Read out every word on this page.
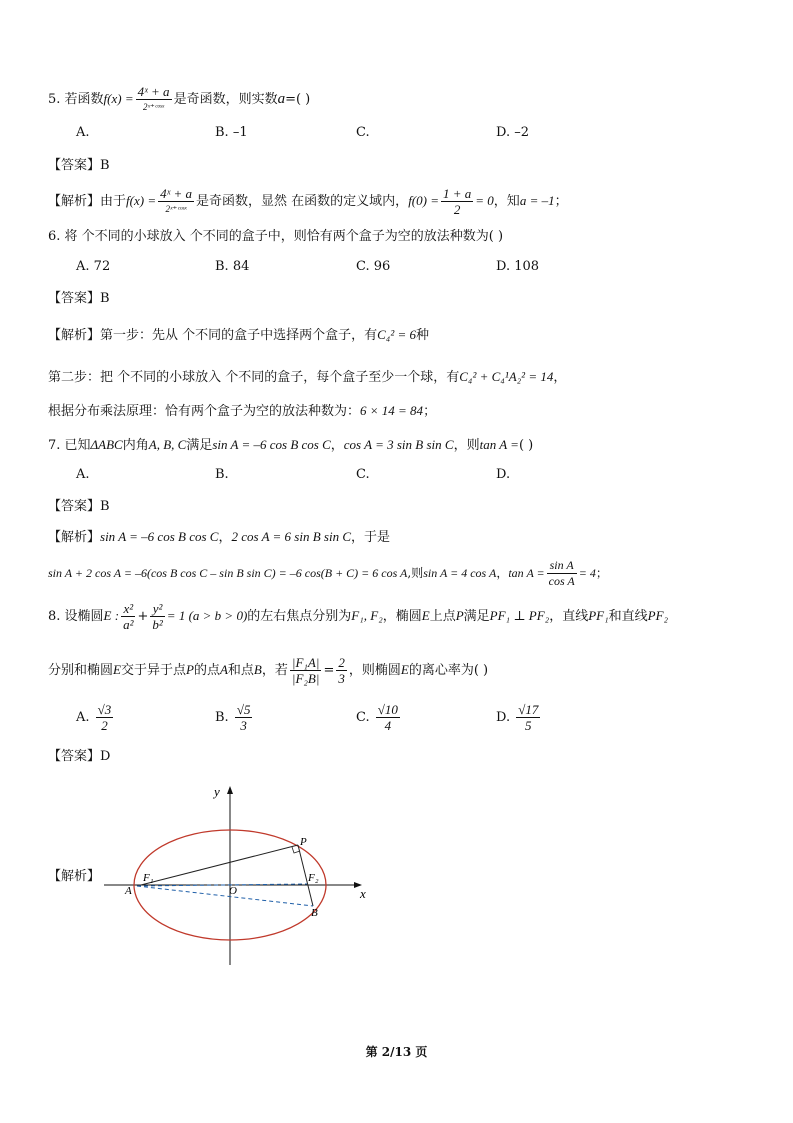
5. 若函数$f(x) = \frac{\text{4ˣ + a}}{\text{2ˣ⁺ᶜᵒˢˣ}}$ 是奇函数，则实数a=( )
A.	B. –1	C.	D. –2
【答案】B
【解析】由于$f(x) = \frac{\text{4ˣ + a}}{\text{2ˣ⁺ᶜᵒˢˣ}}$ 是奇函数，显然 在函数的定义域内，$f(0) = \frac{1 + a}{2} = 0$，知a = –1；
6. 将 个不同的小球放入 个不同的盒子中，则恰有两个盒子为空的放法种数为( )
A. 72	B. 84	C. 96	D. 108
【答案】B
【解析】第一步：先从 个不同的盒子中选择两个盒子，有C₄² = 6种
第二步：把 个不同的小球放入 个不同的盒子，每个盒子至少一个球，有C₄² + C₄¹A₂² = 14，
根据分布乘法原理：恰有两个盒子为空的放法种数为：6 × 14 = 84；
7. 已知ΔABC内角A, B, C满足sin A = –6 cos B cos C，cos A = 3 sin B sin C，则tan A =( )
A.	B.	C.	D.
【答案】B
【解析】sin A = –6 cos B cos C，2 cos A = 6 sin B sin C，于是
sin A + 2 cos A = –6(cos B cos C – sin B sin C) = –6 cos(B + C) = 6 cos A,则sin A = 4 cos A，$\tan A = \frac{\text{sin A}}{\text{cos A}} = 4$；
8. 设椭圆E : $\frac{\text{x²}}{\text{a²}} + \frac{\text{y²}}{\text{b²}} = 1$ (a > b > 0)的左右焦点分别为F₁, F₂，椭圆E上点P满足PF₁ ⊥ PF₂，直线PF₁和直线PF₂
分别和椭圆E交于异于点P的点A和点B，若 $\frac{\text{|F₁A|}}{\text{|F₂B|}} = \frac{2}{3}$ ，则椭圆E的离心率为( )
A. $\frac{√3}{2}$	B. $\frac{√5}{3}$	C. $\frac{√10}{4}$	D. $\frac{√17}{5}$
【答案】D
【解析】
y
x
P
F₁	F₂
O
A
B
第 2/13 页
